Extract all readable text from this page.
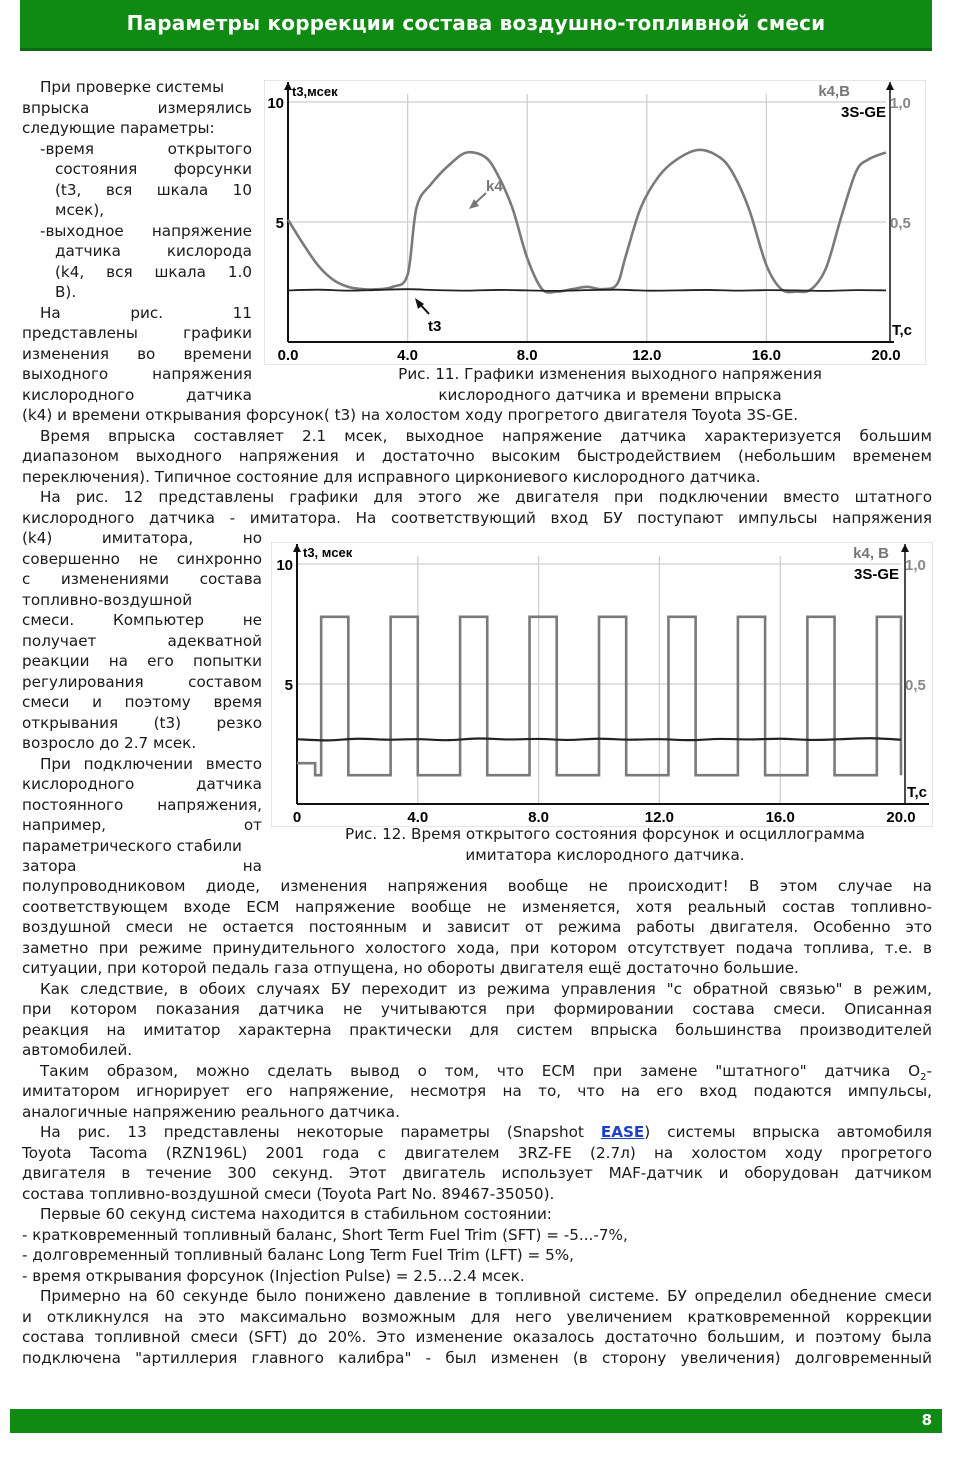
Параметры коррекции состава воздушно-топливной смеси
При проверке системы
впрыска измерялись
следующие параметры:
-время открытого
состояния форсунки
(t3, вся шкала 10
мсек),
-выходное напряжение
датчика кислорода
(k4, вся шкала 1.0
В).
На рис. 11
представлены графики
изменения во времени
выходного напряжения
кислородного датчика
t3,мсек	k4,В
3S-GE
T,с
0.0	4.0	8.0	12.0	16.0	20.0
10
5
1,0
0,5
k4
t3
Рис. 11. Графики изменения выходного напряжения
кислородного датчика и времени впрыска
(k4) и времени открывания форсунок( t3) на холостом ходу прогретого двигателя Toyota 3S-GE.
Время впрыска составляет 2.1 мсек, выходное напряжение датчика характеризуется большим
диапазоном выходного напряжения и достаточно высоким быстродействием (небольшим временем
переключения). Типичное состояние для исправного циркониевого кислородного датчика.
На рис. 12 представлены графики для этого же двигателя при подключении вместо штатного
кислородного датчика - имитатора. На соответствующий вход БУ поступают импульсы напряжения
(k4) имитатора, но
совершенно не синхронно
с изменениями состава
топливно-воздушной
смеси. Компьютер не
получает адекватной
реакции на его попытки
регулирования составом
смеси и поэтому время
открывания (t3) резко
возросло до 2.7 мсек.
При подключении вместо
кислородного датчика
постоянного напряжения,
например, от
параметрического стабили
затора на
t3, мсек	k4, В
3S-GE
T,с
0	4.0	8.0	12.0	16.0	20.0
10
5
1,0
0,5
Рис. 12. Время открытого состояния форсунок и осциллограмма
имитатора кислородного датчика.
полупроводниковом диоде, изменения напряжения вообще не происходит! В этом случае на
соответствующем входе ECM напряжение вообще не изменяется, хотя реальный состав топливно-
воздушной смеси не остается постоянным и зависит от режима работы двигателя. Особенно это
заметно при режиме принудительного холостого хода, при котором отсутствует подача топлива, т.е. в
ситуации, при которой педаль газа отпущена, но обороты двигателя ещё достаточно большие.
Как следствие, в обоих случаях БУ переходит из режима управления "с обратной связью" в режим,
при котором показания датчика не учитываются при формировании состава смеси. Описанная
реакция на имитатор характерна практически для систем впрыска большинства производителей
автомобилей.
Таким образом, можно сделать вывод о том, что ECM при замене "штатного" датчика $O_2-$
имитатором игнорирует его напряжение, несмотря на то, что на его вход подаются импульсы,
аналогичные напряжению реального датчика.
На рис. 13 представлены некоторые параметры (Snapshot EASE) системы впрыска автомобиля
Toyota Tacoma (RZN196L) 2001 года с двигателем 3RZ-FE (2.7л) на холостом ходу прогретого
двигателя в течение 300 секунд. Этот двигатель использует MAF-датчик и оборудован датчиком
состава топливно-воздушной смеси (Toyota Part No. 89467-35050).
Первые 60 секунд система находится в стабильном состоянии:
- кратковременный топливный баланс, Short Term Fuel Trim (SFT) = -5...-7%,
- долговременный топливный баланс Long Term Fuel Trim (LFT) = 5%,
- время открывания форсунок (Injection Pulse) = 2.5…2.4 мсек.
Примерно на 60 секунде было понижено давление в топливной системе. БУ определил обеднение смеси
и откликнулся на это максимально возможным для него увеличением кратковременной коррекции
состава топливной смеси (SFT) до 20%. Это изменение оказалось достаточно большим, и поэтому была
подключена "артиллерия главного калибра" - был изменен (в сторону увеличения) долговременный
8
